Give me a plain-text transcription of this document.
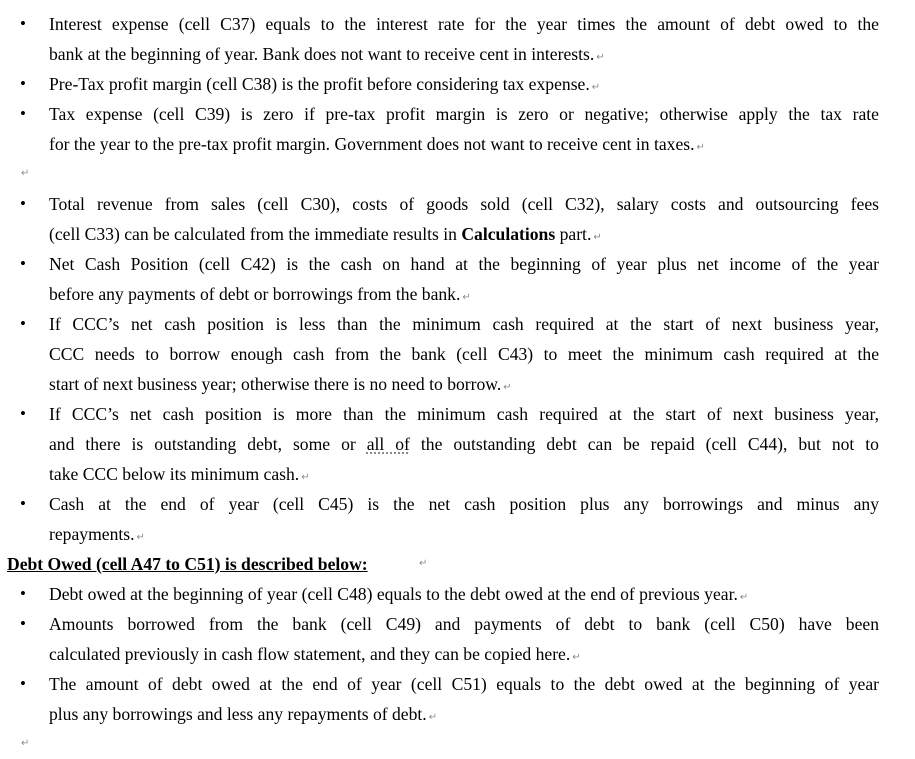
• Interest expense (cell C37) equals to the interest rate for the year times the amount of debt owed to the
bank at the beginning of year. Bank does not want to receive cent in interests. ↵
• Pre-Tax profit margin (cell C38) is the profit before considering tax expense. ↵
• Tax expense (cell C39) is zero if pre-tax profit margin is zero or negative; otherwise apply the tax rate
for the year to the pre-tax profit margin. Government does not want to receive cent in taxes. ↵
↵
• Total revenue from sales (cell C30), costs of goods sold (cell C32), salary costs and outsourcing fees
(cell C33) can be calculated from the immediate results in Calculations part. ↵
• Net Cash Position (cell C42) is the cash on hand at the beginning of year plus net income of the year
before any payments of debt or borrowings from the bank. ↵
• If CCC’s net cash position is less than the minimum cash required at the start of next business year,
CCC needs to borrow enough cash from the bank (cell C43) to meet the minimum cash required at the
start of next business year; otherwise there is no need to borrow. ↵
• If CCC’s net cash position is more than the minimum cash required at the start of next business year,
and there is outstanding debt, some or all of the outstanding debt can be repaid (cell C44), but not to
take CCC below its minimum cash. ↵
• Cash at the end of year (cell C45) is the net cash position plus any borrowings and minus any
repayments. ↵
Debt Owed (cell A47 to C51) is described below:	↵
• Debt owed at the beginning of year (cell C48) equals to the debt owed at the end of previous year. ↵
• Amounts borrowed from the bank (cell C49) and payments of debt to bank (cell C50) have been
calculated previously in cash flow statement, and they can be copied here. ↵
• The amount of debt owed at the end of year (cell C51) equals to the debt owed at the beginning of year
plus any borrowings and less any repayments of debt. ↵
↵
